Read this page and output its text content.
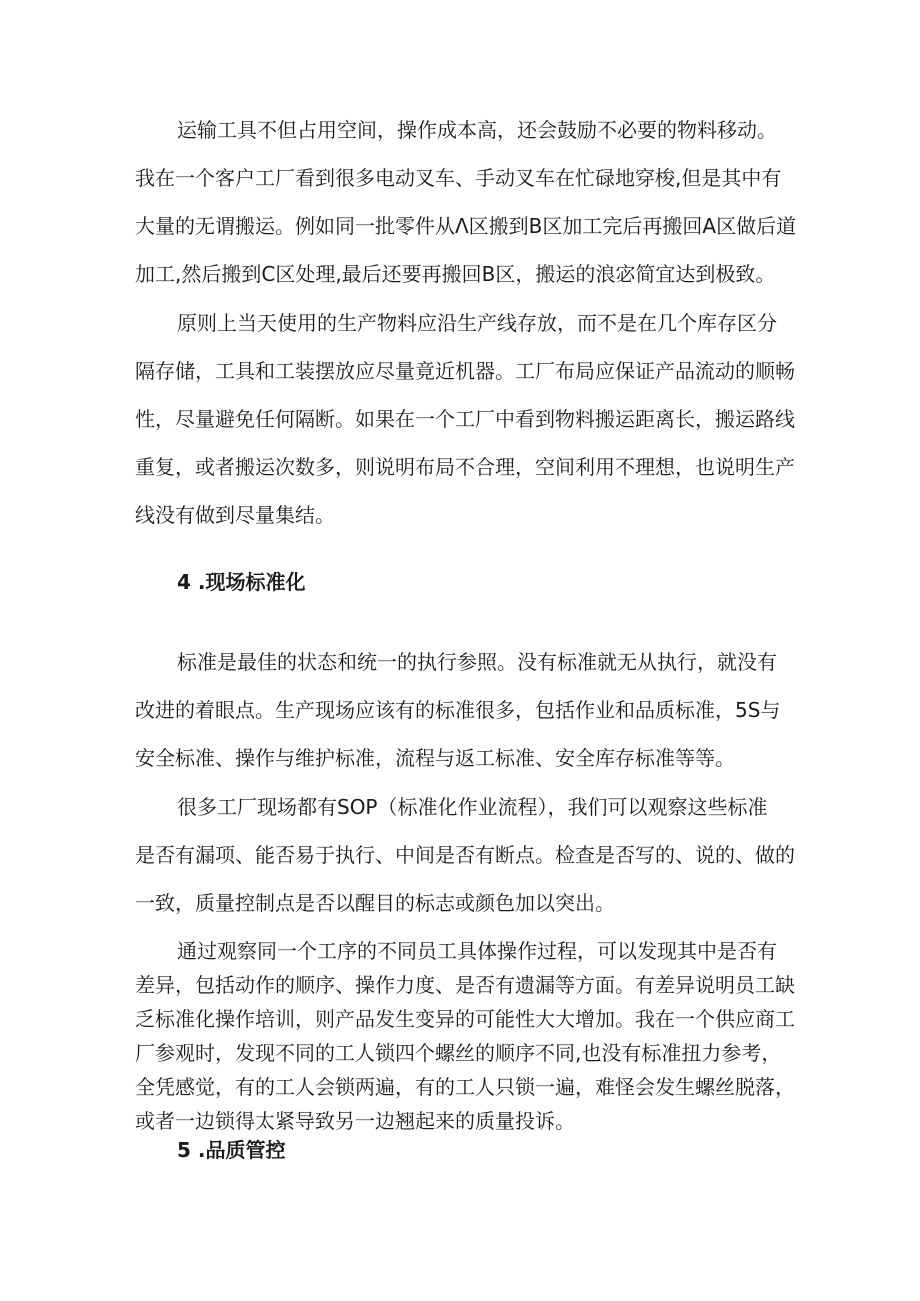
运输工具不但占用空间，操作成本高，还会鼓励不必要的物料移动。
我在一个客户工厂看到很多电动叉车、手动叉车在忙碌地穿梭,但是其中有
大量的无谓搬运。例如同一批零件从Λ区搬到B区加工完后再搬回A区做后道
加工,然后搬到C区处理,最后还要再搬回B区，搬运的浪宓简宜达到极致。
原则上当天使用的生产物料应沿生产线存放，而不是在几个库存区分
隔存储，工具和工装摆放应尽量竟近机器。工厂布局应保证产品流动的顺畅
性，尽量避免任何隔断。如果在一个工厂中看到物料搬运距离长，搬运路线
重复，或者搬运次数多，则说明布局不合理，空间利用不理想，也说明生产
线没有做到尽量集结。
4 .现场标准化
标准是最佳的状态和统一的执行参照。没有标准就无从执行，就没有
改进的着眼点。生产现场应该有的标准很多，包括作业和品质标准，5S与
安全标准、操作与维护标准，流程与返工标准、安全库存标准等等。
很多工厂现场都有SOP（标准化作业流程），我们可以观察这些标准
是否有漏项、能否易于执行、中间是否有断点。检查是否写的、说的、做的
一致，质量控制点是否以醒目的标志或颜色加以突出。
通过观察同一个工序的不同员工具体操作过程，可以发现其中是否有
差异，包括动作的顺序、操作力度、是否有遗漏等方面。有差异说明员工缺
乏标准化操作培训，则产品发生变异的可能性大大增加。我在一个供应商工
厂参观时，发现不同的工人锁四个螺丝的顺序不同,也没有标准扭力参考，
全凭感觉，有的工人会锁两遍，有的工人只锁一遍，难怪会发生螺丝脱落，
或者一边锁得太紧导致另一边翘起来的质量投诉。
5 .品质管控
